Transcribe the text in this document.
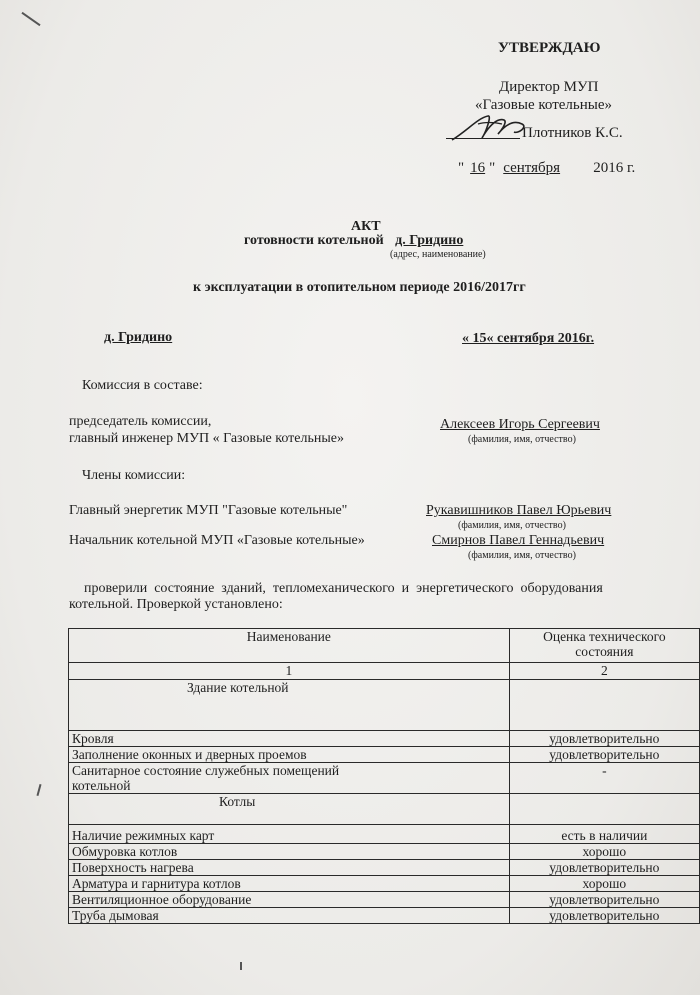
УТВЕРЖДАЮ
Директор МУП
«Газовые котельные»
Плотников К.С.
" 16 " сентября 2016 г.
АКТ
готовности котельной д. Гридино
(адрес, наименование)
к эксплуатации в отопительном периоде 2016/2017гг
д. Гридино	« 15« сентября 2016г.
Комиссия в составе:
председатель комиссии,
главный инженер МУП « Газовые котельные»
Алексеев Игорь Сергеевич
(фамилия, имя, отчество)
Члены комиссии:
Главный энергетик МУП "Газовые котельные"	Рукавишников Павел Юрьевич
(фамилия, имя, отчество)
Начальник котельной МУП «Газовые котельные»	Смирнов Павел Геннадьевич
(фамилия, имя, отчество)
проверили  состояние  зданий,  тепломеханического  и  энергетического  оборудования
котельной. Проверкой установлено:
Наименование	Оценка технического
состояния

1	2
Здание котельной	
Кровля	удовлетворительно
Заполнение оконных и дверных проемов	удовлетворительно

Санитарное состояние служебных помещений
котельной	-
Котлы	
Наличие режимных карт	есть в наличии
Обмуровка котлов	хорошо
Поверхность нагрева	удовлетворительно
Арматура и гарнитура котлов	хорошо
Вентиляционное оборудование	удовлетворительно
Труба дымовая	удовлетворительно
